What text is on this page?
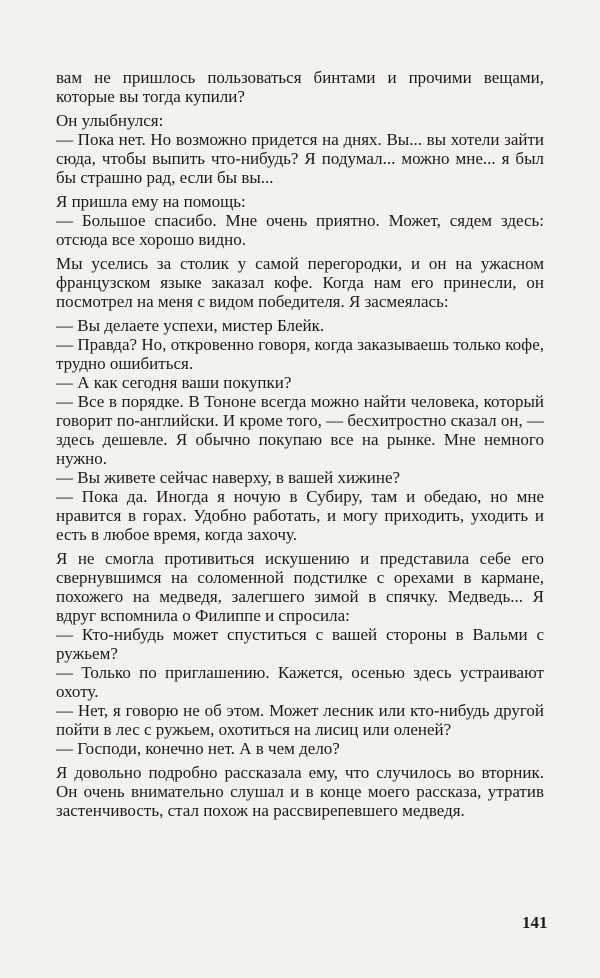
вам не пришлось пользоваться бинтами и прочими вещами, которые вы тогда купили?

Он улыбнулся:

— Пока нет. Но возможно придется на днях. Вы... вы хотели зайти сюда, чтобы выпить что-нибудь? Я подумал... можно мне... я был бы страшно рад, если бы вы...

Я пришла ему на помощь:

— Большое спасибо. Мне очень приятно. Может, сядем здесь: отсюда все хорошо видно.

Мы уселись за столик у самой перегородки, и он на ужасном французском языке заказал кофе. Когда нам его принесли, он посмотрел на меня с видом победителя. Я засмеялась:

— Вы делаете успехи, мистер Блейк.

— Правда? Но, откровенно говоря, когда заказываешь только кофе, трудно ошибиться.

— А как сегодня ваши покупки?

— Все в порядке. В Тононе всегда можно найти человека, который говорит по-английски. И кроме того, — бесхитростно сказал он, — здесь дешевле. Я обычно покупаю все на рынке. Мне немного нужно.

— Вы живете сейчас наверху, в вашей хижине?

— Пока да. Иногда я ночую в Субиру, там и обедаю, но мне нравится в горах. Удобно работать, и могу приходить, уходить и есть в любое время, когда захочу.

Я не смогла противиться искушению и представила себе его свернувшимся на соломенной подстилке с орехами в кармане, похожего на медведя, залегшего зимой в спячку. Медведь... Я вдруг вспомнила о Филиппе и спросила:

— Кто-нибудь может спуститься с вашей стороны в Вальми с ружьем?

— Только по приглашению. Кажется, осенью здесь устраивают охоту.

— Нет, я говорю не об этом. Может лесник или кто-нибудь другой пойти в лес с ружьем, охотиться на лисиц или оленей?

— Господи, конечно нет. А в чем дело?

Я довольно подробно рассказала ему, что случилось во вторник. Он очень внимательно слушал и в конце моего рассказа, утратив застенчивость, стал похож на рассвирепевшего медведя.

141
